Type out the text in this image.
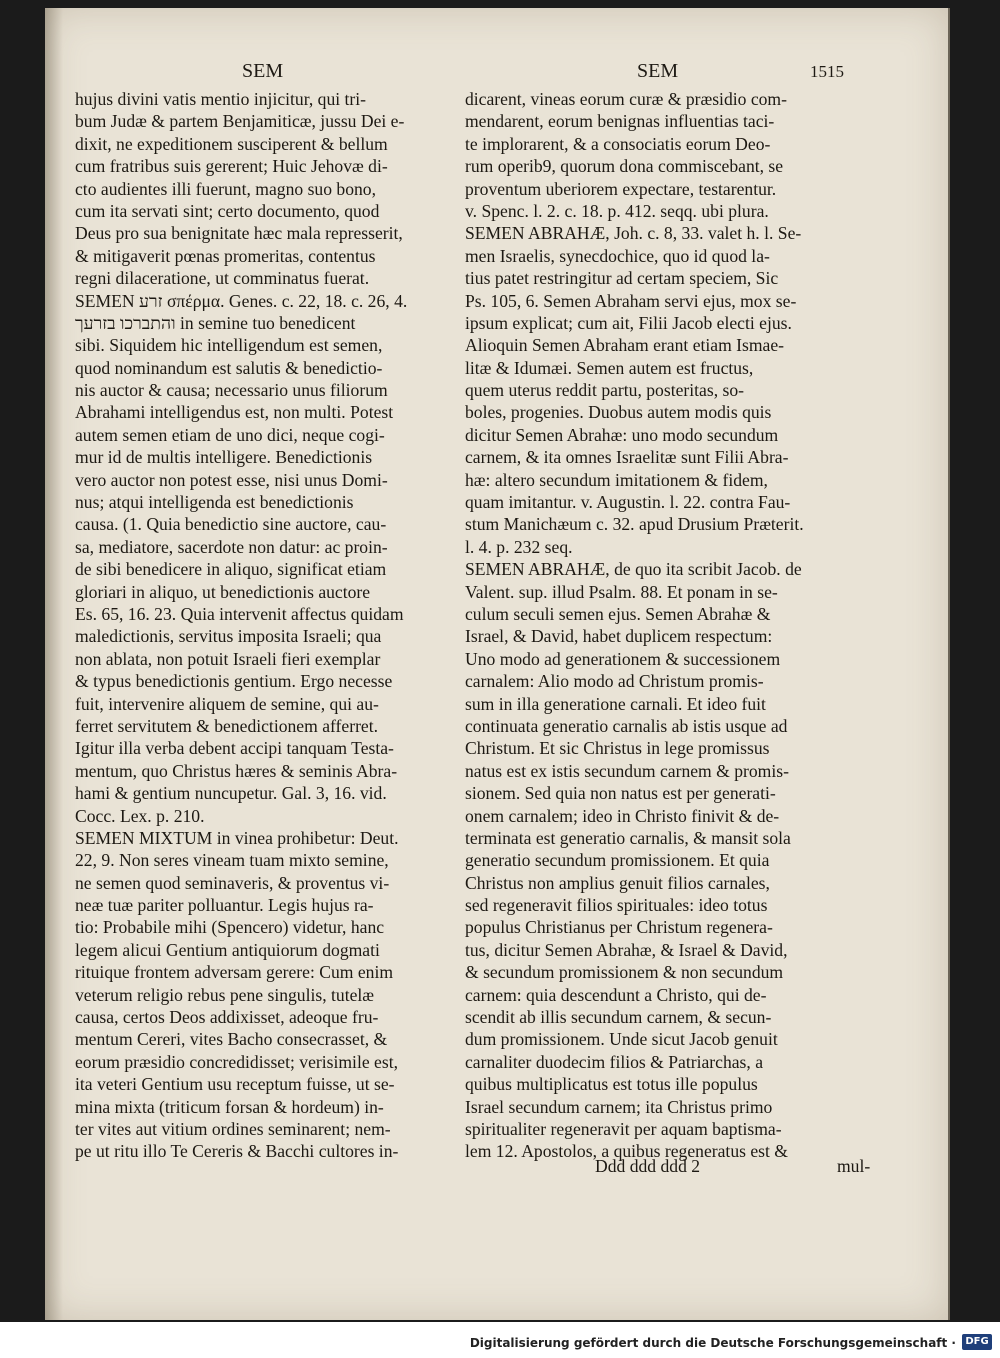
SEM	SEM	1515
hujus divini vatis mentio injicitur, qui tri-
bum Judæ & partem Benjamiticæ, jussu Dei e-
dixit, ne expeditionem susciperent & bellum
cum fratribus suis gererent; Huic Jehovæ di-
cto audientes illi fuerunt, magno suo bono,
cum ita servati sint; certo documento, quod
Deus pro sua benignitate hæc mala represserit,
& mitigaverit pœnas promeritas, contentus
regni dilaceratione, ut comminatus fuerat.
SEMEN זרע σπέρμα. Genes. c. 22, 18. c. 26, 4.
והתברכו בזרעך in semine tuo benedicent
sibi. Siquidem hic intelligendum est semen,
quod nominandum est salutis & benedictio-
nis auctor & causa; necessario unus filiorum
Abrahami intelligendus est, non multi. Potest
autem semen etiam de uno dici, neque cogi-
mur id de multis intelligere. Benedictionis
vero auctor non potest esse, nisi unus Domi-
nus; atqui intelligenda est benedictionis
causa. (1. Quia benedictio sine auctore, cau-
sa, mediatore, sacerdote non datur: ac proin-
de sibi benedicere in aliquo, significat etiam
gloriari in aliquo, ut benedictionis auctore
Es. 65, 16. 23. Quia intervenit affectus quidam
maledictionis, servitus imposita Israeli; qua
non ablata, non potuit Israeli fieri exemplar
& typus benedictionis gentium. Ergo necesse
fuit, intervenire aliquem de semine, qui au-
ferret servitutem & benedictionem afferret.
Igitur illa verba debent accipi tanquam Testa-
mentum, quo Christus hæres & seminis Abra-
hami & gentium nuncupetur. Gal. 3, 16. vid.
Cocc. Lex. p. 210.
SEMEN MIXTUM in vinea prohibetur: Deut.
22, 9. Non seres vineam tuam mixto semine,
ne semen quod seminaveris, & proventus vi-
neæ tuæ pariter polluantur. Legis hujus ra-
tio: Probabile mihi (Spencero) videtur, hanc
legem alicui Gentium antiquiorum dogmati
rituique frontem adversam gerere: Cum enim
veterum religio rebus pene singulis, tutelæ
causa, certos Deos addixisset, adeoque fru-
mentum Cereri, vites Bacho consecrasset, &
eorum præsidio concredidisset; verisimile est,
ita veteri Gentium usu receptum fuisse, ut se-
mina mixta (triticum forsan & hordeum) in-
ter vites aut vitium ordines seminarent; nem-
pe ut ritu illo Te Cereris & Bacchi cultores in-
dicarent, vineas eorum curæ & præsidio com-
mendarent, eorum benignas influentias taci-
te implorarent, & a consociatis eorum Deo-
rum operib9, quorum dona commiscebant, se
proventum uberiorem expectare, testarentur.
v. Spenc. l. 2. c. 18. p. 412. seqq. ubi plura.
SEMEN ABRAHÆ, Joh. c. 8, 33. valet h. l. Se-
men Israelis, synecdochice, quo id quod la-
tius patet restringitur ad certam speciem, Sic
Ps. 105, 6. Semen Abraham servi ejus, mox se-
ipsum explicat; cum ait, Filii Jacob electi ejus.
Alioquin Semen Abraham erant etiam Ismae-
litæ & Idumæi. Semen autem est fructus,
quem uterus reddit partu, posteritas, so-
boles, progenies. Duobus autem modis quis
dicitur Semen Abrahæ: uno modo secundum
carnem, & ita omnes Israelitæ sunt Filii Abra-
hæ: altero secundum imitationem & fidem,
quam imitantur. v. Augustin. l. 22. contra Fau-
stum Manichæum c. 32. apud Drusium Præterit.
l. 4. p. 232 seq.
SEMEN ABRAHÆ, de quo ita scribit Jacob. de
Valent. sup. illud Psalm. 88. Et ponam in se-
culum seculi semen ejus. Semen Abrahæ &
Israel, & David, habet duplicem respectum:
Uno modo ad generationem & successionem
carnalem: Alio modo ad Christum promis-
sum in illa generatione carnali. Et ideo fuit
continuata generatio carnalis ab istis usque ad
Christum. Et sic Christus in lege promissus
natus est ex istis secundum carnem & promis-
sionem. Sed quia non natus est per generati-
onem carnalem; ideo in Christo finivit & de-
terminata est generatio carnalis, & mansit sola
generatio secundum promissionem. Et quia
Christus non amplius genuit filios carnales,
sed regeneravit filios spirituales: ideo totus
populus Christianus per Christum regenera-
tus, dicitur Semen Abrahæ, & Israel & David,
& secundum promissionem & non secundum
carnem: quia descendunt a Christo, qui de-
scendit ab illis secundum carnem, & secun-
dum promissionem. Unde sicut Jacob genuit
carnaliter duodecim filios & Patriarchas, a
quibus multiplicatus est totus ille populus
Israel secundum carnem; ita Christus primo
spiritualiter regeneravit per aquam baptisma-
lem 12. Apostolos, a quibus regeneratus est &
Ddd ddd ddd 2	mul-
Digitalisierung gefördert durch die Deutsche Forschungsgemeinschaft · DFG
